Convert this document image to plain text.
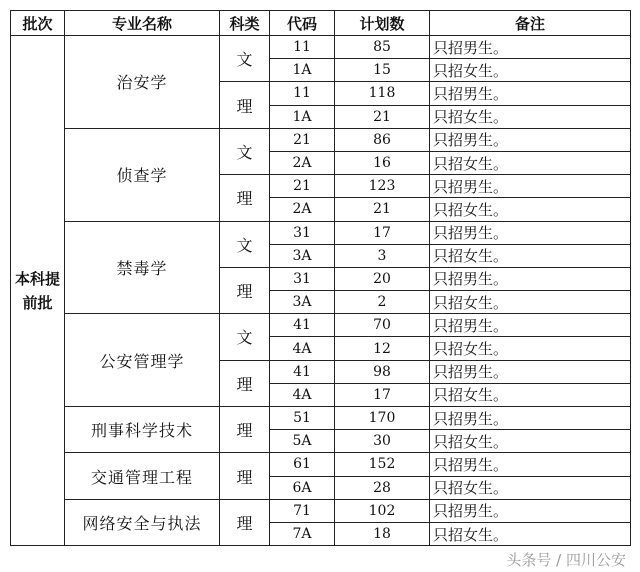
批次	专业名称	科类	代码	计划数	备注
本科提前批	治安学	文	11	85	只招男生。
			1A	15	只招女生。
		理	11	118	只招男生。
			1A	21	只招女生。
	侦查学	文	21	86	只招男生。
			2A	16	只招女生。
		理	21	123	只招男生。
			2A	21	只招女生。
	禁毒学	文	31	17	只招男生。
			3A	3	只招女生。
		理	31	20	只招男生。
			3A	2	只招女生。
	公安管理学	文	41	70	只招男生。
			4A	12	只招女生。
		理	41	98	只招男生。
			4A	17	只招女生。
	刑事科学技术	理	51	170	只招男生。
			5A	30	只招女生。
	交通管理工程	理	61	152	只招男生。
			6A	28	只招女生。
	网络安全与执法	理	71	102	只招男生。
			7A	18	只招女生。
头条号 / 四川公安
